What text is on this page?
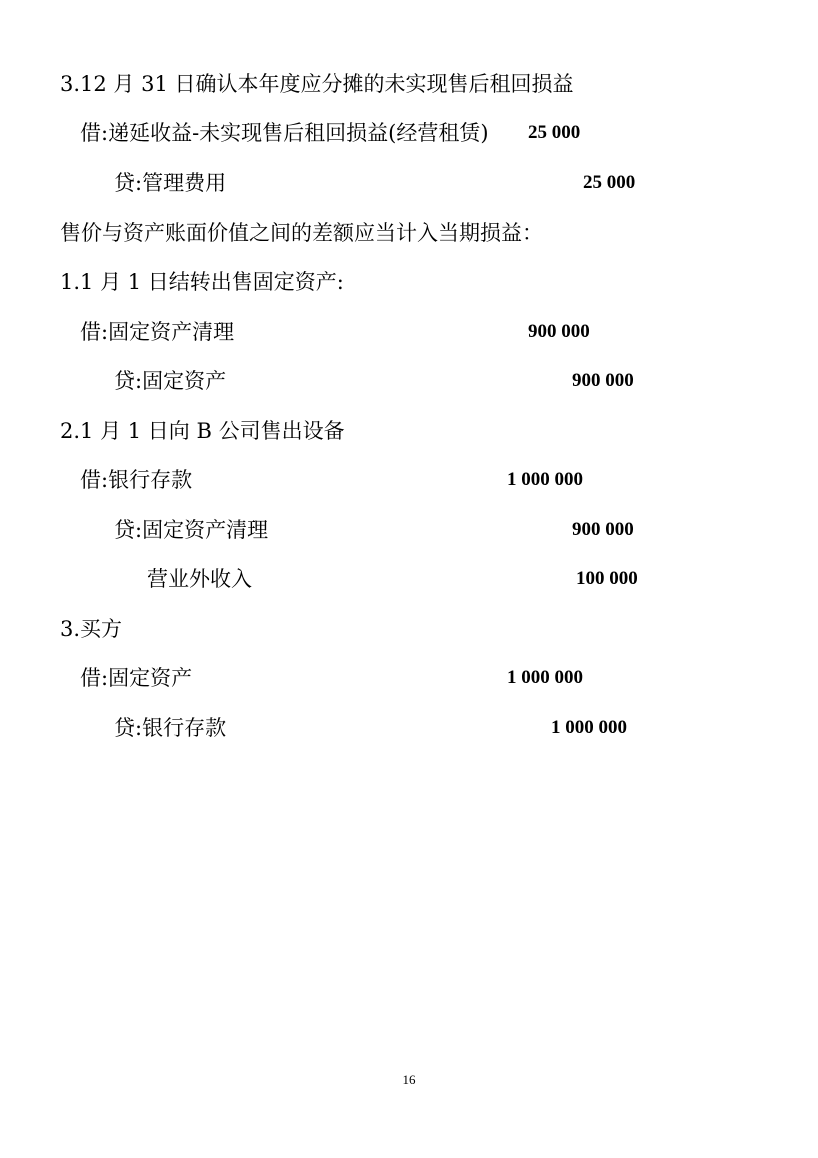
3.12 月 31 日确认本年度应分摊的未实现售后租回损益
借:递延收益-未实现售后租回损益(经营租赁) 25 000
贷:管理费用	25 000
售价与资产账面价值之间的差额应当计入当期损益：
1.1 月 1 日结转出售固定资产:
借:固定资产清理	900 000
贷:固定资产	900 000
2.1 月 1 日向 B 公司售出设备
借:银行存款	1 000 000
贷:固定资产清理	900 000
营业外收入	100 000
3.买方
借:固定资产	1 000 000
贷:银行存款	1 000 000
16
